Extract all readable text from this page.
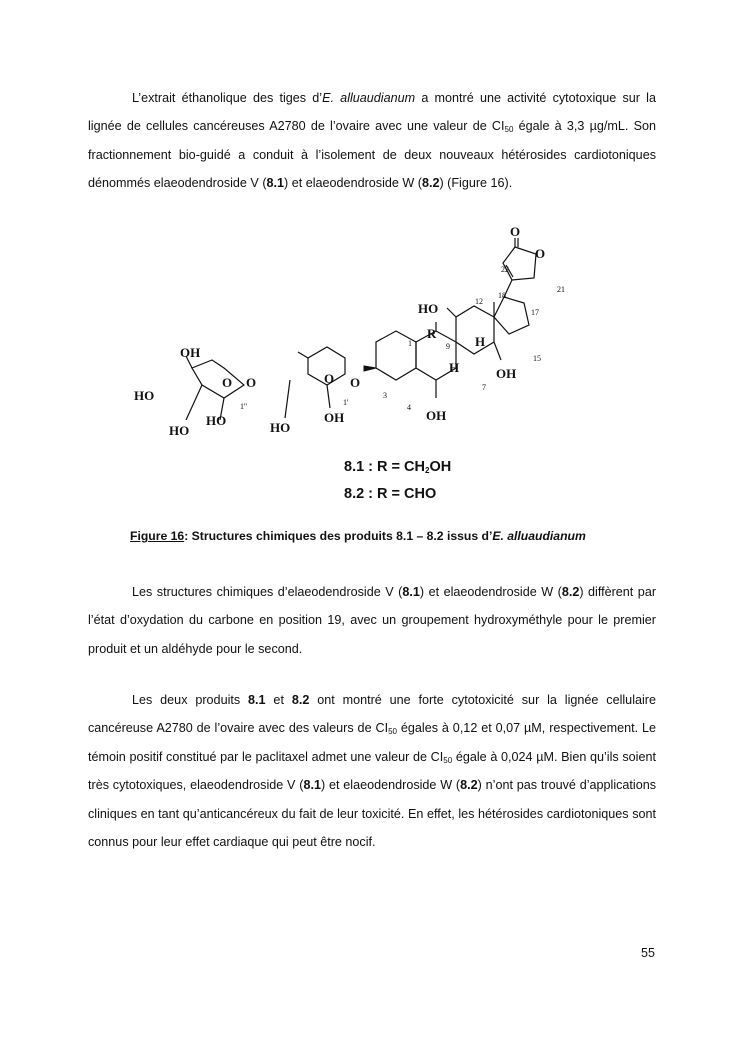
L’extrait éthanolique des tiges d’E. alluaudianum a montré une activité cytotoxique sur la lignée de cellules cancéreuses A2780 de l’ovaire avec une valeur de $CI_{50}$ égale à 3,3 µg/mL. Son fractionnement bio-guidé a conduit à l’isolement de deux nouveaux hétérosides cardiotoniques dénommés elaeodendroside V (8.1) et elaeodendroside W (8.2) (Figure 16).

O
O
HO
R
H
H	OH
OH
OH
HO
HO
HO	HO
OH
O O	O O
22
21
18
12
17
1	9
15
7
3
4
1''	1'
8.1 : $R = CH_2OH$
8.2 : R = CHO
Figure 16: Structures chimiques des produits 8.1 – 8.2 issus d’E. alluaudianum

Les structures chimiques d’elaeodendroside V (8.1) et elaeodendroside W (8.2) diffèrent par l’état d’oxydation du carbone en position 19, avec un groupement hydroxyméthyle pour le premier produit et un aldéhyde pour le second.

Les deux produits 8.1 et 8.2 ont montré une forte cytotoxicité sur la lignée cellulaire cancéreuse A2780 de l’ovaire avec des valeurs de $CI_{50}$ égales à 0,12 et 0,07 µM, respectivement. Le témoin positif constitué par le paclitaxel admet une valeur de $CI_{50}$ égale à 0,024 µM. Bien qu’ils soient très cytotoxiques, elaeodendroside V (8.1) et elaeodendroside W (8.2) n’ont pas trouvé d’applications cliniques en tant qu’anticancéreux du fait de leur toxicité. En effet, les hétérosides cardiotoniques sont connus pour leur effet cardiaque qui peut être nocif.

55
